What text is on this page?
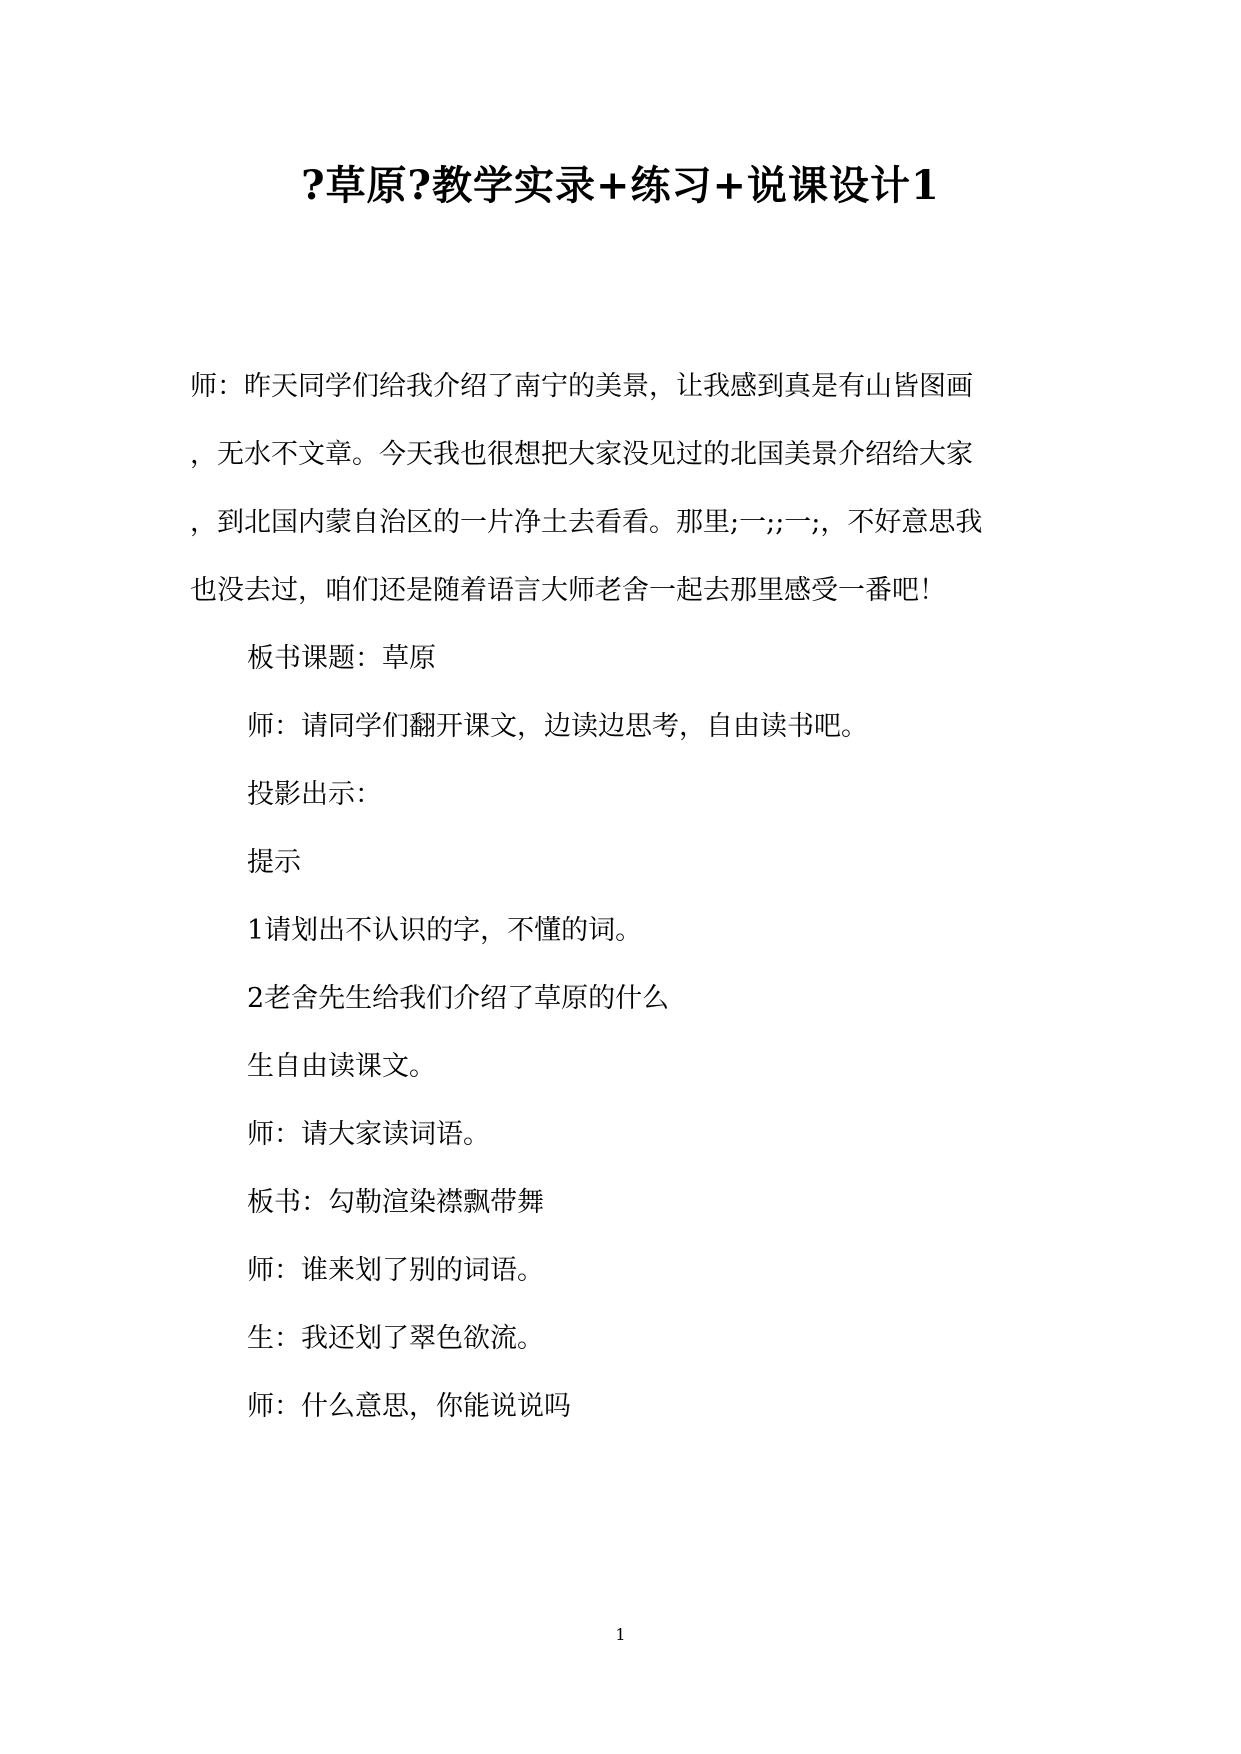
?草原?教学实录+练习+说课设计1
师：昨天同学们给我介绍了南宁的美景，让我感到真是有山皆图画
，无水不文章。今天我也很想把大家没见过的北国美景介绍给大家
，到北国内蒙自治区的一片净土去看看。那里;一;;一;，不好意思我
也没去过，咱们还是随着语言大师老舍一起去那里感受一番吧！
板书课题：草原
师：请同学们翻开课文，边读边思考，自由读书吧。
投影出示：
提示
1请划出不认识的字，不懂的词。
2老舍先生给我们介绍了草原的什么
生自由读课文。
师：请大家读词语。
板书：勾勒渲染襟飘带舞
师：谁来划了别的词语。
生：我还划了翠色欲流。
师：什么意思，你能说说吗
1
